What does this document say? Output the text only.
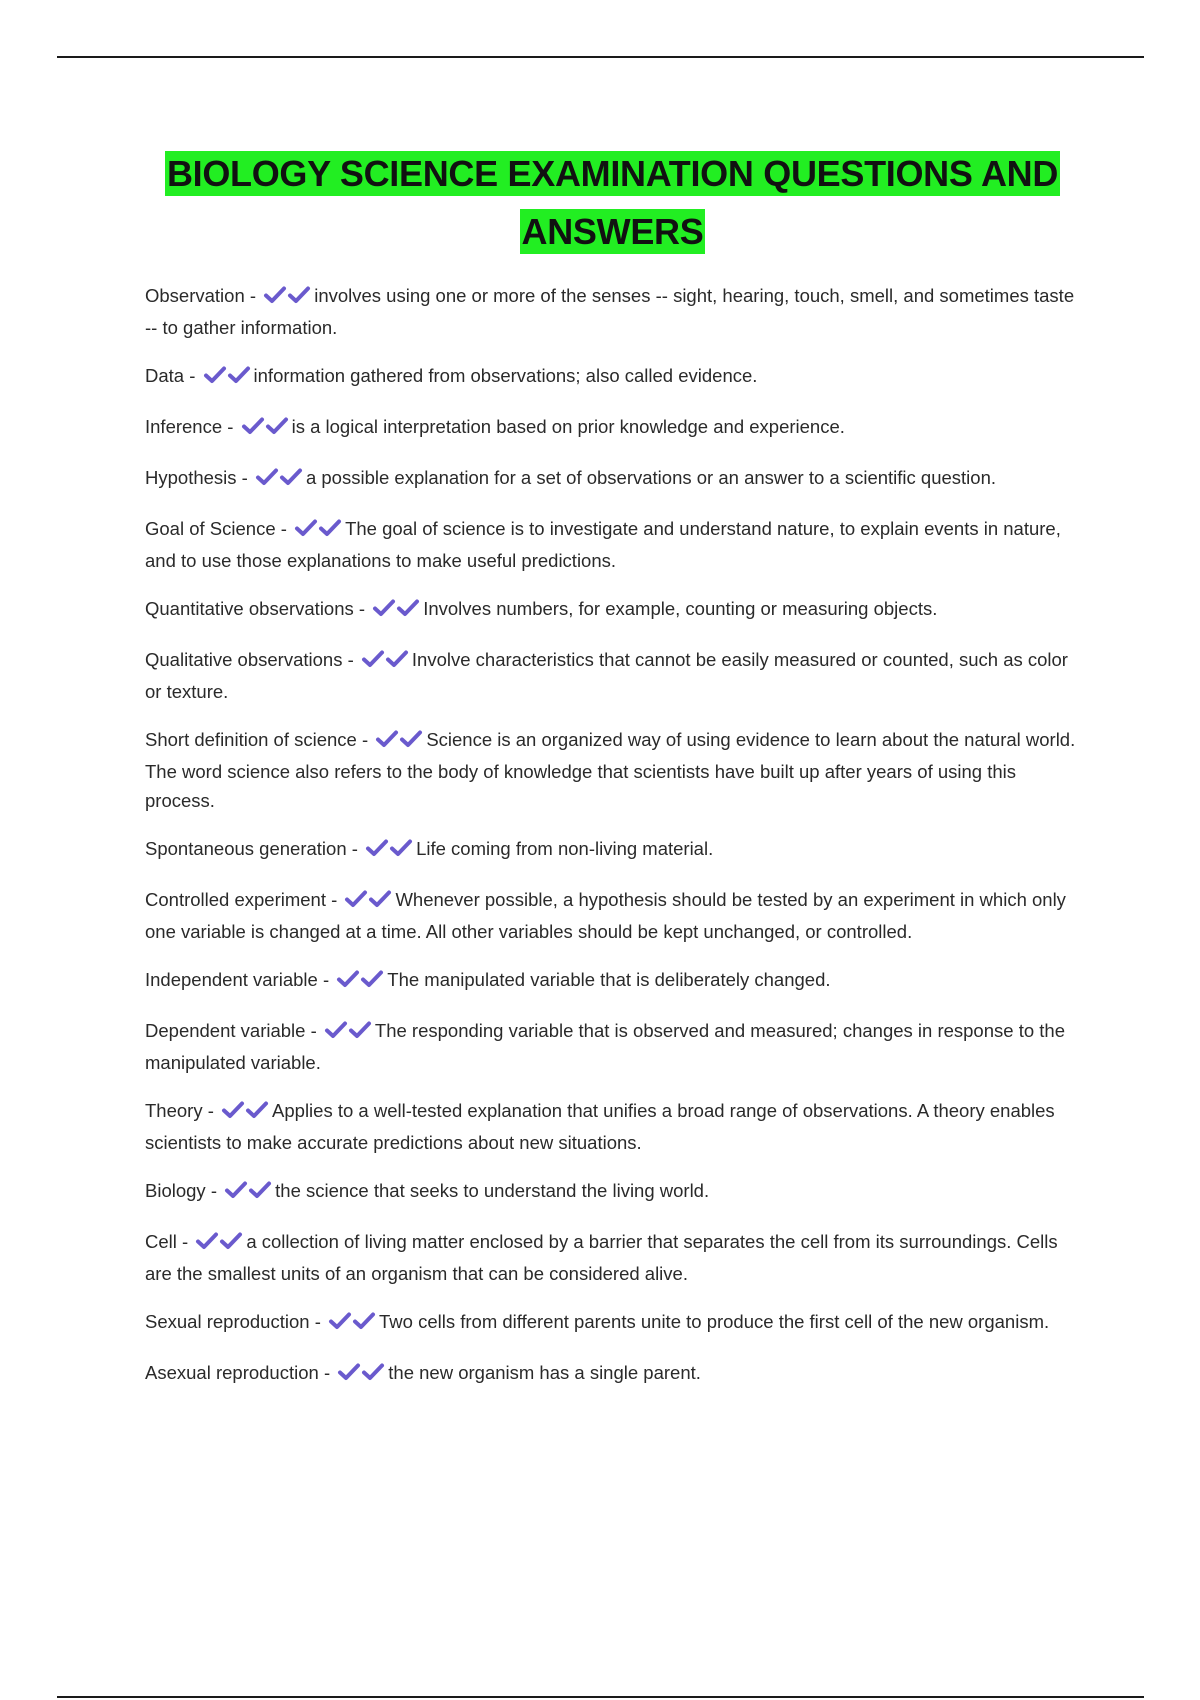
BIOLOGY SCIENCE EXAMINATION QUESTIONS AND ANSWERS
Observation -	involves using one or more of the senses -- sight, hearing, touch, smell, and sometimes taste -- to gather information.
Data -	information gathered from observations; also called evidence.
Inference -	is a logical interpretation based on prior knowledge and experience.
Hypothesis -	a possible explanation for a set of observations or an answer to a scientific question.
Goal of Science -	The goal of science is to investigate and understand nature, to explain events in nature, and to use those explanations to make useful predictions.
Quantitative observations -	Involves numbers, for example, counting or measuring objects.
Qualitative observations -	Involve characteristics that cannot be easily measured or counted, such as color or texture.
Short definition of science -	Science is an organized way of using evidence to learn about the natural world. The word science also refers to the body of knowledge that scientists have built up after years of using this process.
Spontaneous generation -	Life coming from non-living material.
Controlled experiment -	Whenever possible, a hypothesis should be tested by an experiment in which only one variable is changed at a time. All other variables should be kept unchanged, or controlled.
Independent variable -	The manipulated variable that is deliberately changed.
Dependent variable -	The responding variable that is observed and measured; changes in response to the manipulated variable.
Theory -	Applies to a well-tested explanation that unifies a broad range of observations. A theory enables scientists to make accurate predictions about new situations.
Biology -	the science that seeks to understand the living world.
Cell -	a collection of living matter enclosed by a barrier that separates the cell from its surroundings. Cells are the smallest units of an organism that can be considered alive.
Sexual reproduction -	Two cells from different parents unite to produce the first cell of the new organism.
Asexual reproduction -	the new organism has a single parent.
